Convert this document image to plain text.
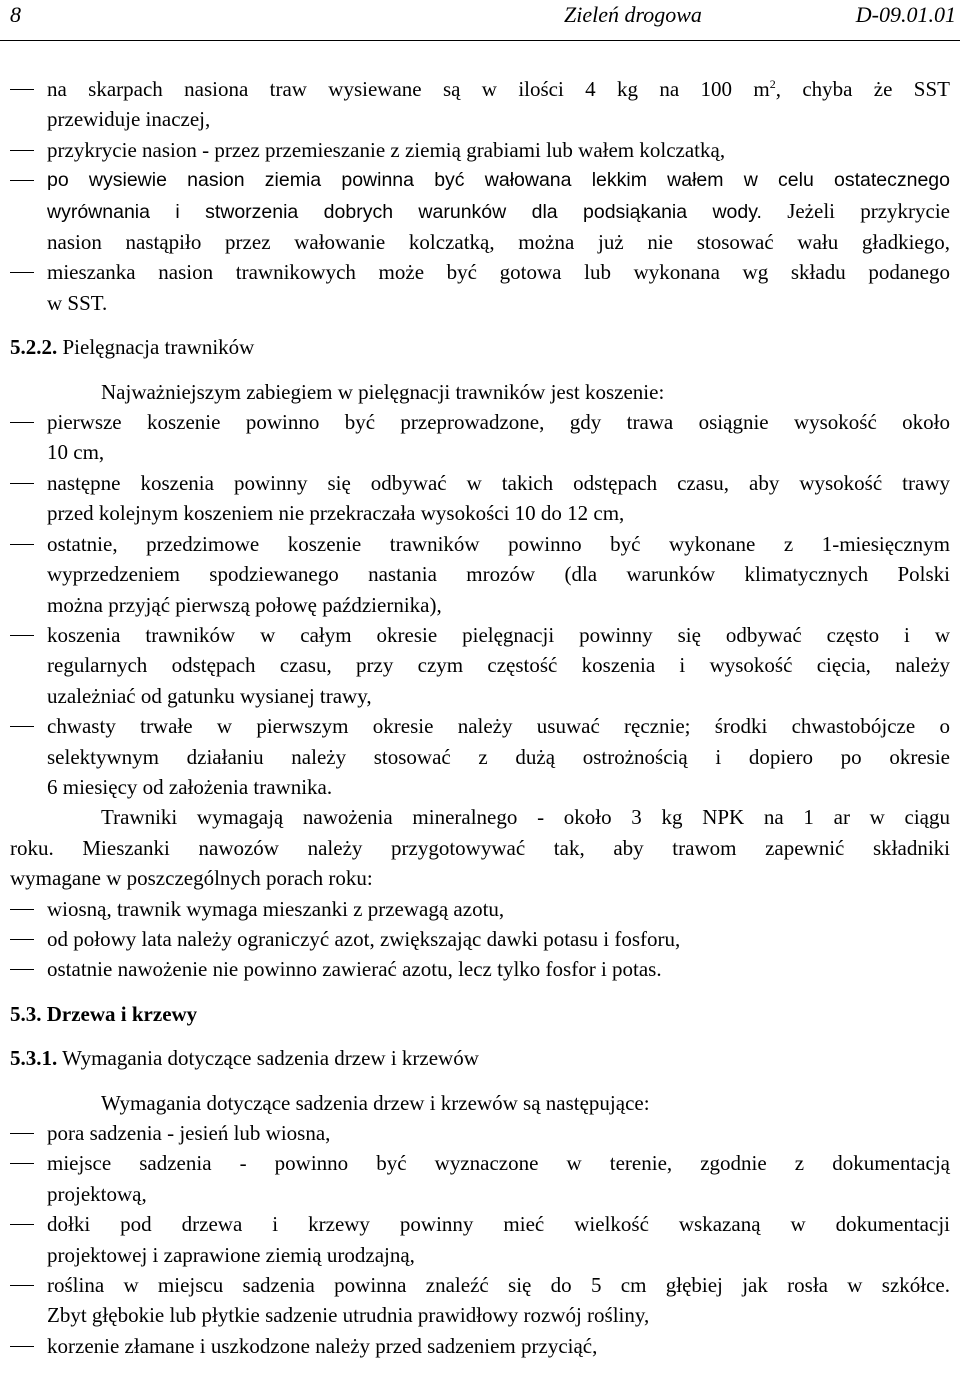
8	Zieleń drogowa	D-09.01.01

na skarpach nasiona traw wysiewane są w ilości 4 kg na 100 $m^2$, chyba że SST

przewiduje inaczej,

przykrycie nasion - przez przemieszanie z ziemią grabiami lub wałem kolczatką,

po wysiewie nasion ziemia powinna być wałowana lekkim wałem w celu ostatecznego

wyrównania i stworzenia dobrych warunków dla podsiąkania wody. Jeżeli przykrycie

nasion nastąpiło przez wałowanie kolczatką, można już nie stosować wału gładkiego,

mieszanka nasion trawnikowych może być gotowa lub wykonana wg składu podanego

w SST.

5.2.2. Pielęgnacja trawników

Najważniejszym zabiegiem w pielęgnacji trawników jest koszenie:

pierwsze koszenie powinno być przeprowadzone, gdy trawa osiągnie wysokość około

10 cm,

następne koszenia powinny się odbywać w takich odstępach czasu, aby wysokość trawy

przed kolejnym koszeniem nie przekraczała wysokości 10 do 12 cm,

ostatnie, przedzimowe koszenie trawników powinno być wykonane z 1-miesięcznym

wyprzedzeniem spodziewanego nastania mrozów (dla warunków klimatycznych Polski

można przyjąć pierwszą połowę października),

koszenia trawników w całym okresie pielęgnacji powinny się odbywać często i w

regularnych odstępach czasu, przy czym częstość koszenia i wysokość cięcia, należy

uzależniać od gatunku wysianej trawy,

chwasty trwałe w pierwszym okresie należy usuwać ręcznie; środki chwastobójcze o

selektywnym działaniu należy stosować z dużą ostrożnością i dopiero po okresie

6 miesięcy od założenia trawnika.

Trawniki wymagają nawożenia mineralnego - około 3 kg NPK na 1 ar w ciągu

roku. Mieszanki nawozów należy przygotowywać tak, aby trawom zapewnić składniki

wymagane w poszczególnych porach roku:

wiosną, trawnik wymaga mieszanki z przewagą azotu,

od połowy lata należy ograniczyć azot, zwiększając dawki potasu i fosforu,

ostatnie nawożenie nie powinno zawierać azotu, lecz tylko fosfor i potas.

5.3. Drzewa i krzewy

5.3.1. Wymagania dotyczące sadzenia drzew i krzewów

Wymagania dotyczące sadzenia drzew i krzewów są następujące:

pora sadzenia - jesień lub wiosna,

miejsce sadzenia - powinno być wyznaczone w terenie, zgodnie z dokumentacją

projektową,

dołki pod drzewa i krzewy powinny mieć wielkość wskazaną w dokumentacji

projektowej i zaprawione ziemią urodzajną,

roślina w miejscu sadzenia powinna znaleźć się do 5 cm głębiej jak rosła w szkółce.

Zbyt głębokie lub płytkie sadzenie utrudnia prawidłowy rozwój rośliny,

korzenie złamane i uszkodzone należy przed sadzeniem przyciąć,
